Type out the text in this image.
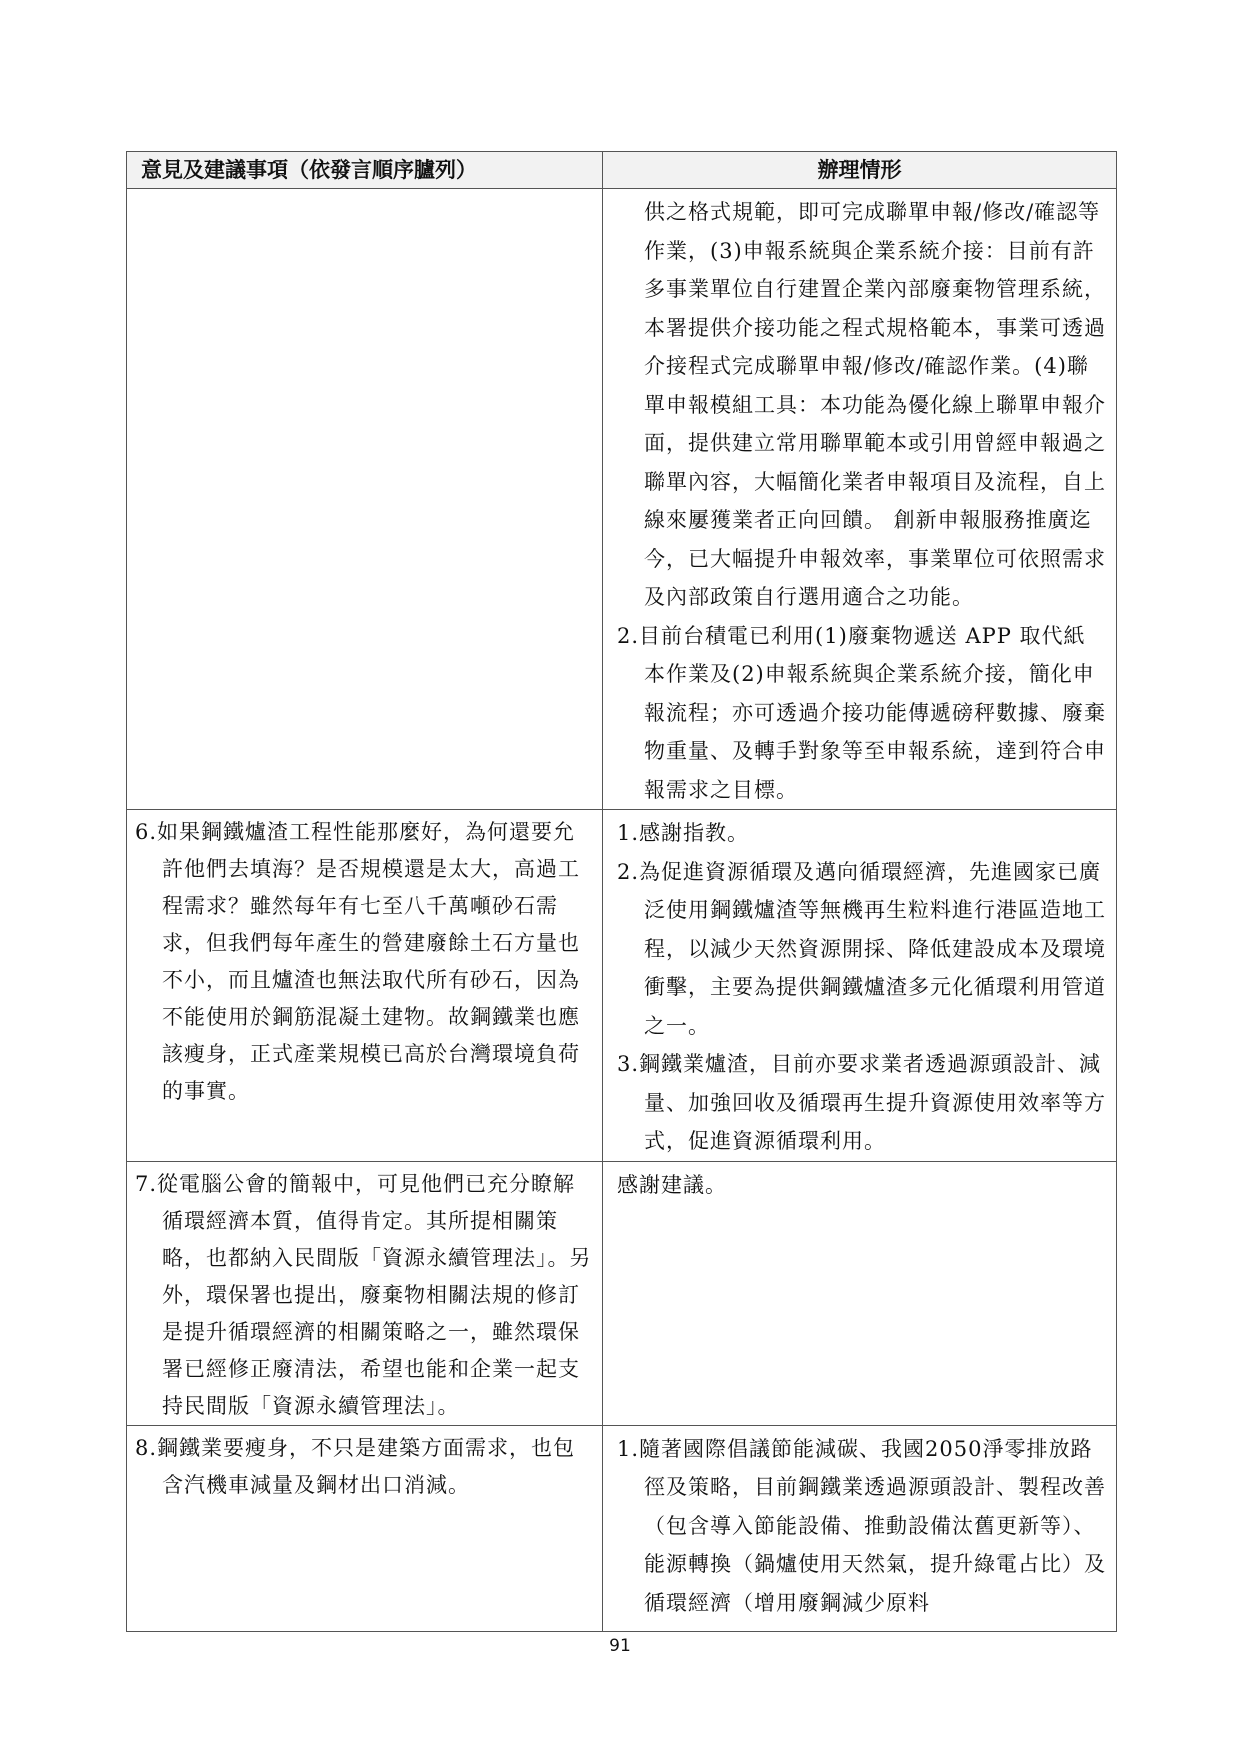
意見及建議事項（依發言順序臚列）	辦理情形

	供之格式規範，即可完成聯單申報/修改/確認等作業，(3)申報系統與企業系統介接：目前有許多事業單位自行建置企業內部廢棄物管理系統，本署提供介接功能之程式規格範本，事業可透過介接程式完成聯單申報/修改/確認作業。(4)聯單申報模組工具：本功能為優化線上聯單申報介面，提供建立常用聯單範本或引用曾經申報過之聯單內容，大幅簡化業者申報項目及流程，自上線來屢獲業者正向回饋。 創新申報服務推廣迄今，已大幅提升申報效率，事業單位可依照需求及內部政策自行選用適合之功能。

2.目前台積電已利用(1)廢棄物遞送 APP 取代紙本作業及(2)申報系統與企業系統介接，簡化申報流程；亦可透過介接功能傳遞磅秤數據、廢棄物重量、及轉手對象等至申報系統，達到符合申報需求之目標。

6.如果鋼鐵爐渣工程性能那麼好，為何還要允許他們去填海？是否規模還是太大，高過工程需求？雖然每年有七至八千萬噸砂石需求，但我們每年產生的營建廢餘土石方量也不小，而且爐渣也無法取代所有砂石，因為不能使用於鋼筋混凝土建物。故鋼鐵業也應該瘦身，正式產業規模已高於台灣環境負荷的事實。	1.感謝指教。

2.為促進資源循環及邁向循環經濟，先進國家已廣泛使用鋼鐵爐渣等無機再生粒料進行港區造地工程，以減少天然資源開採、降低建設成本及環境衝擊，主要為提供鋼鐵爐渣多元化循環利用管道之一。

3.鋼鐵業爐渣，目前亦要求業者透過源頭設計、減量、加強回收及循環再生提升資源使用效率等方式，促進資源循環利用。

7.從電腦公會的簡報中，可見他們已充分瞭解循環經濟本質，值得肯定。其所提相關策略，也都納入民間版「資源永續管理法」。另外，環保署也提出，廢棄物相關法規的修訂是提升循環經濟的相關策略之一，雖然環保署已經修正廢清法，希望也能和企業一起支持民間版「資源永續管理法」。	感謝建議。

8.鋼鐵業要瘦身，不只是建築方面需求，也包含汽機車減量及鋼材出口消減。	1.隨著國際倡議節能減碳、我國2050淨零排放路徑及策略，目前鋼鐵業透過源頭設計、製程改善（包含導入節能設備、推動設備汰舊更新等）、能源轉換（鍋爐使用天然氣，提升綠電占比）及循環經濟（增用廢鋼減少原料

91
